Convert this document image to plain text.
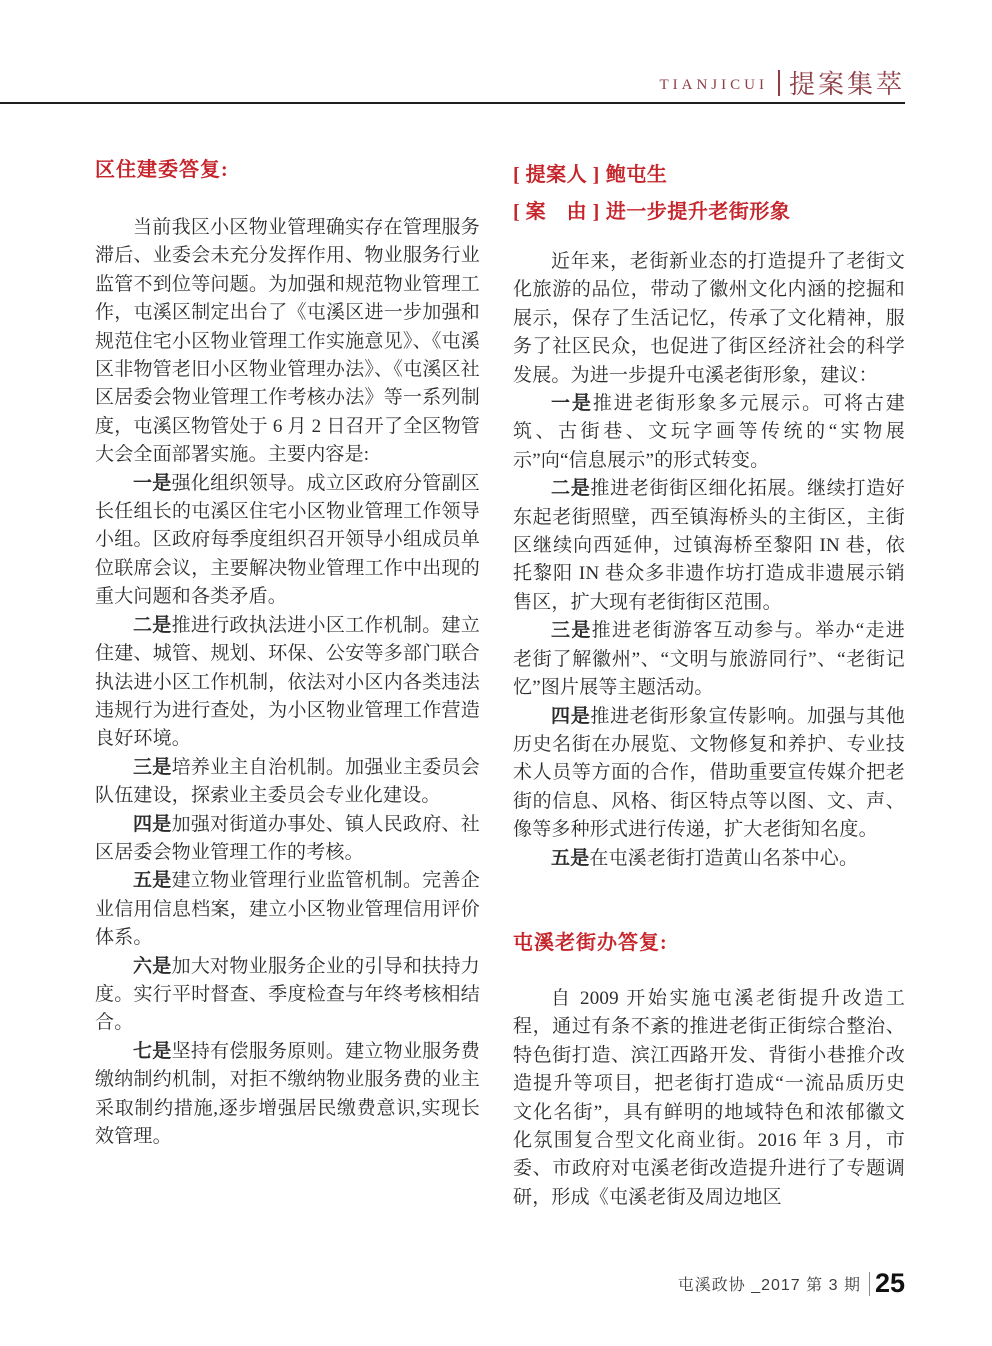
TIANJICUI 提案集萃
区住建委答复:

当前我区小区物业管理确实存在管理服务滞后、业委会未充分发挥作用、物业服务行业监管不到位等问题。为加强和规范物业管理工作，屯溪区制定出台了《屯溪区进一步加强和规范住宅小区物业管理工作实施意见》、《屯溪区非物管老旧小区物业管理办法》、《屯溪区社区居委会物业管理工作考核办法》等一系列制度，屯溪区物管处于 6 月 2 日召开了全区物管大会全面部署实施。主要内容是:

一是强化组织领导。成立区政府分管副区长任组长的屯溪区住宅小区物业管理工作领导小组。区政府每季度组织召开领导小组成员单位联席会议，主要解决物业管理工作中出现的重大问题和各类矛盾。

二是推进行政执法进小区工作机制。建立住建、城管、规划、环保、公安等多部门联合执法进小区工作机制，依法对小区内各类违法违规行为进行查处，为小区物业管理工作营造良好环境。

三是培养业主自治机制。加强业主委员会队伍建设，探索业主委员会专业化建设。

四是加强对街道办事处、镇人民政府、社区居委会物业管理工作的考核。

五是建立物业管理行业监管机制。完善企业信用信息档案，建立小区物业管理信用评价体系。

六是加大对物业服务企业的引导和扶持力度。实行平时督查、季度检查与年终考核相结合。

七是坚持有偿服务原则。建立物业服务费缴纳制约机制，对拒不缴纳物业服务费的业主采取制约措施,逐步增强居民缴费意识,实现长效管理。

[ 提案人 ] 鲍屯生
[ 案　由 ] 进一步提升老街形象

近年来，老街新业态的打造提升了老街文化旅游的品位，带动了徽州文化内涵的挖掘和展示，保存了生活记忆，传承了文化精神，服务了社区民众，也促进了街区经济社会的科学发展。为进一步提升屯溪老街形象，建议：

一是推进老街形象多元展示。可将古建筑、古街巷、文玩字画等传统的“实物展示”向“信息展示”的形式转变。

二是推进老街街区细化拓展。继续打造好东起老街照壁，西至镇海桥头的主街区，主街区继续向西延伸，过镇海桥至黎阳 IN 巷，依托黎阳 IN 巷众多非遗作坊打造成非遗展示销售区，扩大现有老街街区范围。

三是推进老街游客互动参与。举办“走进老街了解徽州”、“文明与旅游同行”、“老街记忆”图片展等主题活动。

四是推进老街形象宣传影响。加强与其他历史名街在办展览、文物修复和养护、专业技术人员等方面的合作，借助重要宣传媒介把老街的信息、风格、街区特点等以图、文、声、像等多种形式进行传递，扩大老街知名度。

五是在屯溪老街打造黄山名茶中心。

屯溪老街办答复:

自 2009 开始实施屯溪老街提升改造工程，通过有条不紊的推进老街正街综合整治、特色街打造、滨江西路开发、背街小巷推介改造提升等项目，把老街打造成“一流品质历史文化名街”，具有鲜明的地域特色和浓郁徽文化氛围复合型文化商业街。2016 年 3 月，市委、市政府对屯溪老街改造提升进行了专题调研，形成《屯溪老街及周边地区

屯溪政协 _2017 第 3 期 25
